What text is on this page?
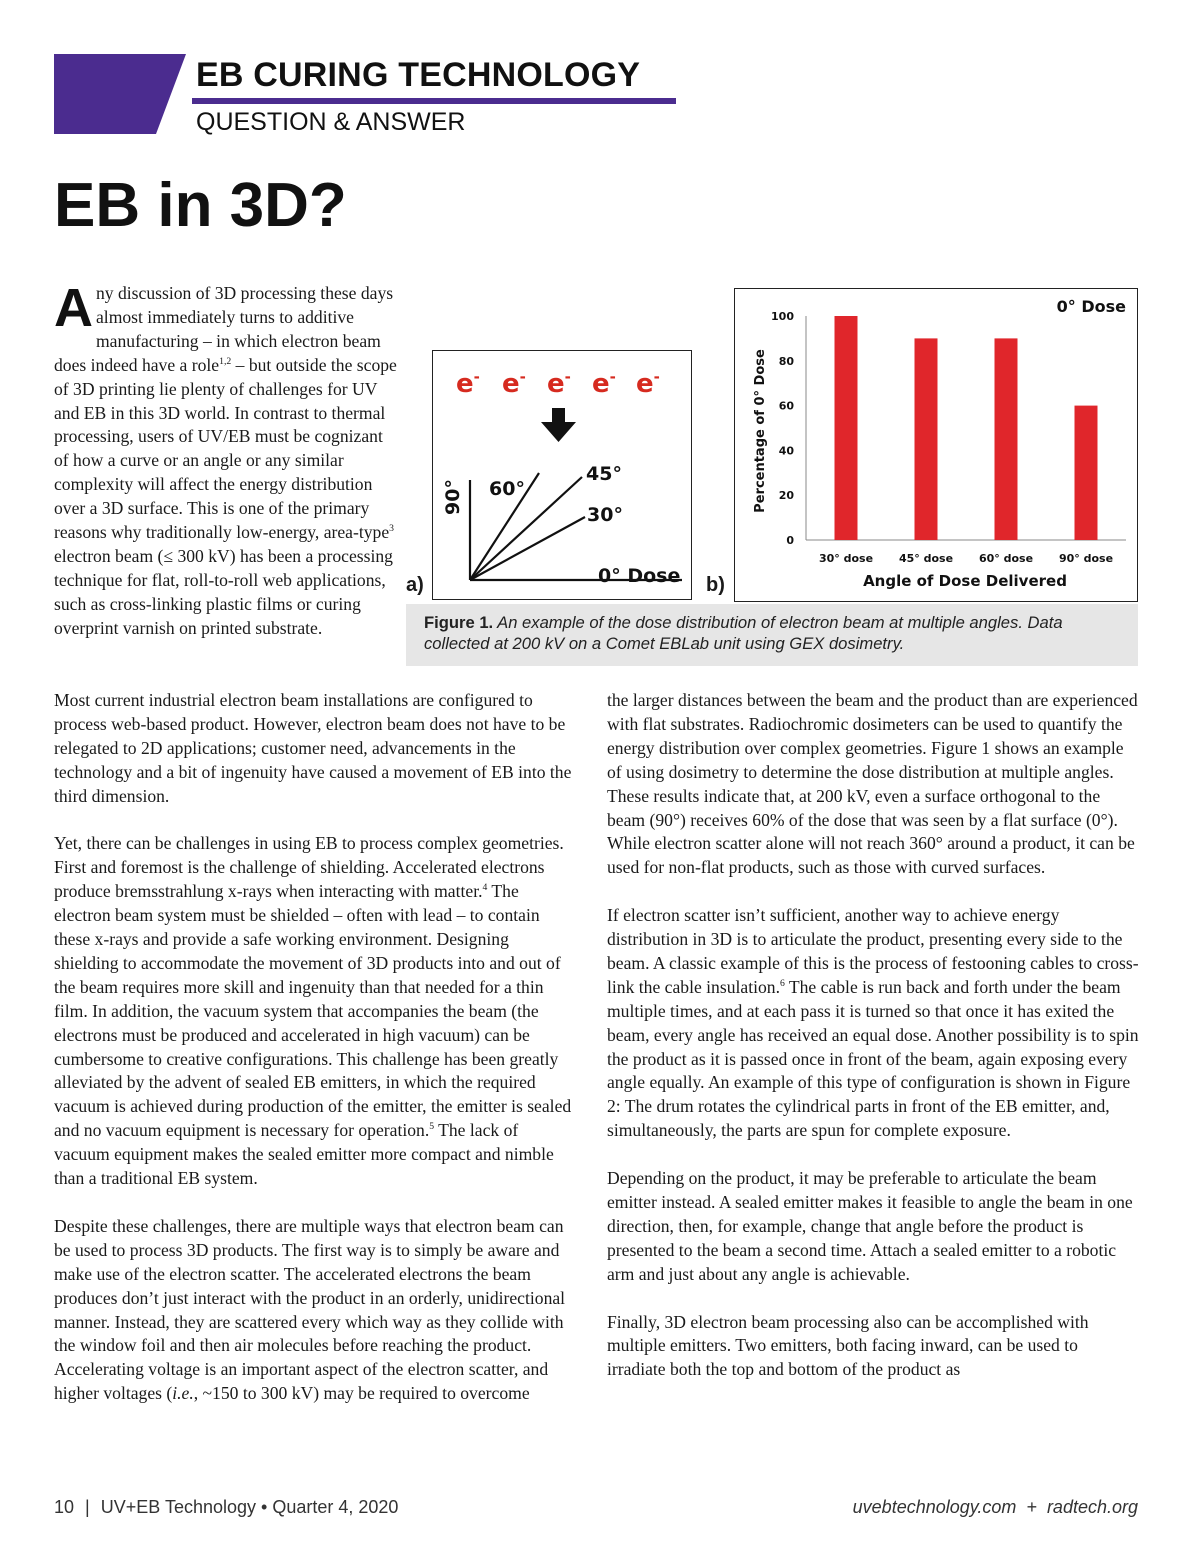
EB CURING TECHNOLOGY
QUESTION & ANSWER
EB in 3D?

Any discussion of 3D processing these days almost immediately turns to additive manufacturing – in which electron beam does indeed have a role$^{1,2}$ – but outside the scope of 3D printing lie plenty of challenges for UV and EB in this 3D world. In contrast to thermal processing, users of UV/EB must be cognizant of how a curve or an angle or any similar complexity will affect the energy distribution over a 3D surface. This is one of the primary reasons why traditionally low-energy, area-type$^3$ electron beam (≤ 300 kV) has been a processing technique for flat, roll-to-roll web applications, such as cross-linking plastic films or curing overprint varnish on printed substrate.

a)	b)
e- e- e- e- e-
90° 60°
45°
30°
0° Dose
0° Dose
Percentage of 0° Dose
0
20
40
60
80
100
30° dose 45° dose 60° dose 90° dose
Angle of Dose Delivered
Figure 1. An example of the dose distribution of electron beam at multiple angles. Data collected at 200 kV on a Comet EBLab unit using GEX dosimetry.

Most current industrial electron beam installations are configured to process web-based product. However, electron beam does not have to be relegated to 2D applications; customer need, advancements in the technology and a bit of ingenuity have caused a movement of EB into the third dimension.

Yet, there can be challenges in using EB to process complex geometries. First and foremost is the challenge of shielding. Accelerated electrons produce bremsstrahlung x-rays when interacting with matter.$^4$ The electron beam system must be shielded – often with lead – to contain these x-rays and provide a safe working environment. Designing shielding to accommodate the movement of 3D products into and out of the beam requires more skill and ingenuity than that needed for a thin film. In addition, the vacuum system that accompanies the beam (the electrons must be produced and accelerated in high vacuum) can be cumbersome to creative configurations. This challenge has been greatly alleviated by the advent of sealed EB emitters, in which the required vacuum is achieved during production of the emitter, the emitter is sealed and no vacuum equipment is necessary for operation.$^5$ The lack of vacuum equipment makes the sealed emitter more compact and nimble than a traditional EB system.

Despite these challenges, there are multiple ways that electron beam can be used to process 3D products. The first way is to simply be aware and make use of the electron scatter. The accelerated electrons the beam produces don’t just interact with the product in an orderly, unidirectional manner. Instead, they are scattered every which way as they collide with the window foil and then air molecules before reaching the product. Accelerating voltage is an important aspect of the electron scatter, and higher voltages (i.e., ~150 to 300 kV) may be required to overcome

the larger distances between the beam and the product than are experienced with flat substrates. Radiochromic dosimeters can be used to quantify the energy distribution over complex geometries. Figure 1 shows an example of using dosimetry to determine the dose distribution at multiple angles. These results indicate that, at 200 kV, even a surface orthogonal to the beam (90°) receives 60% of the dose that was seen by a flat surface (0°). While electron scatter alone will not reach 360° around a product, it can be used for non-flat products, such as those with curved surfaces.

If electron scatter isn’t sufficient, another way to achieve energy distribution in 3D is to articulate the product, presenting every side to the beam. A classic example of this is the process of festooning cables to cross-link the cable insulation.$^6$ The cable is run back and forth under the beam multiple times, and at each pass it is turned so that once it has exited the beam, every angle has received an equal dose. Another possibility is to spin the product as it is passed once in front of the beam, again exposing every angle equally. An example of this type of configuration is shown in Figure 2: The drum rotates the cylindrical parts in front of the EB emitter, and, simultaneously, the parts are spun for complete exposure.

Depending on the product, it may be preferable to articulate the beam emitter instead. A sealed emitter makes it feasible to angle the beam in one direction, then, for example, change that angle before the product is presented to the beam a second time. Attach a sealed emitter to a robotic arm and just about any angle is achievable.

Finally, 3D electron beam processing also can be accomplished with multiple emitters. Two emitters, both facing inward, can be used to irradiate both the top and bottom of the product as

10 | UV+EB Technology • Quarter 4, 2020	uvebtechnology.com  +  radtech.org
